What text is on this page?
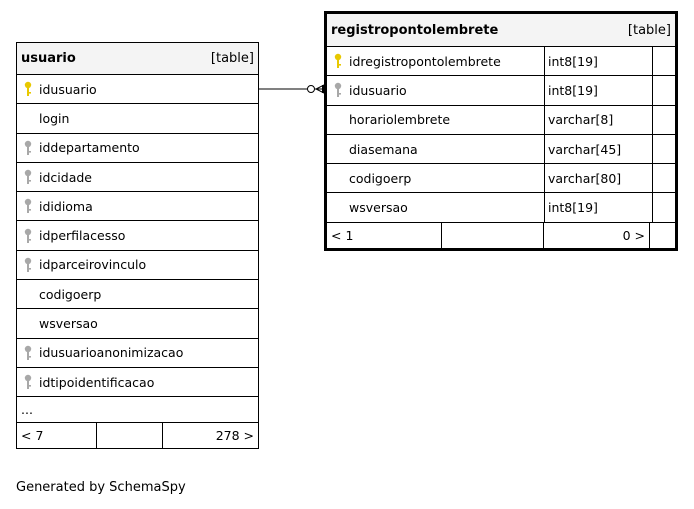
usuario	[table]
idusuario
login
iddepartamento
idcidade
ididioma
idperfilacesso
idparceirovinculo
codigoerp
wsversao
idusuarioanonimizacao
idtipoidentificacao
...
< 7	278 >
registropontolembrete	[table]
idregistropontolembrete	int8[19]
idusuario	int8[19]
horariolembrete	varchar[8]
diasemana	varchar[45]
codigoerp	varchar[80]
wsversao	int8[19]
< 1	0 >
Generated by SchemaSpy
